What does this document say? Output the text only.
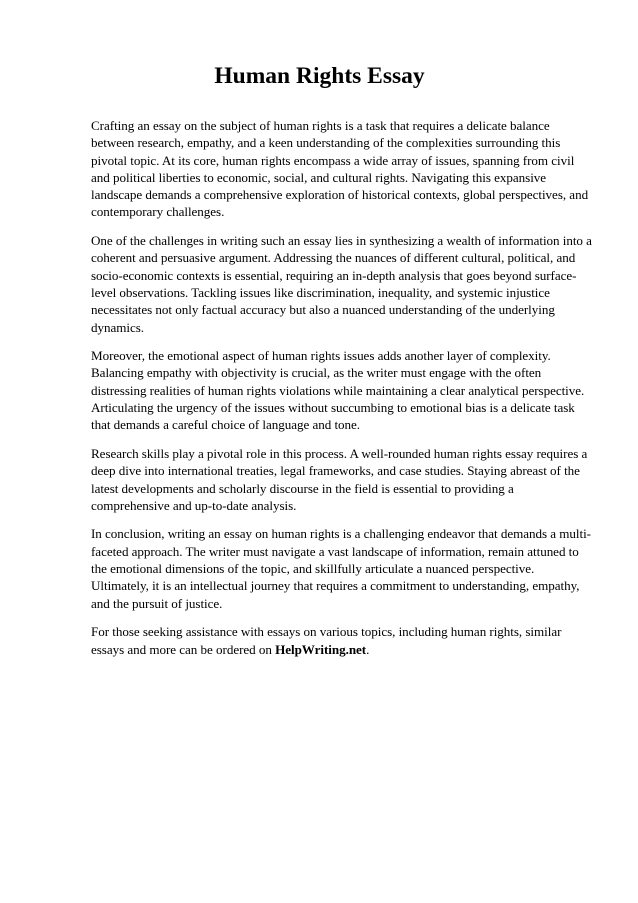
Human Rights Essay

Crafting an essay on the subject of human rights is a task that requires a delicate balance between research, empathy, and a keen understanding of the complexities surrounding this pivotal topic. At its core, human rights encompass a wide array of issues, spanning from civil and political liberties to economic, social, and cultural rights. Navigating this expansive landscape demands a comprehensive exploration of historical contexts, global perspectives, and contemporary challenges.

One of the challenges in writing such an essay lies in synthesizing a wealth of information into a coherent and persuasive argument. Addressing the nuances of different cultural, political, and socio-economic contexts is essential, requiring an in-depth analysis that goes beyond surface-level observations. Tackling issues like discrimination, inequality, and systemic injustice necessitates not only factual accuracy but also a nuanced understanding of the underlying dynamics.

Moreover, the emotional aspect of human rights issues adds another layer of complexity. Balancing empathy with objectivity is crucial, as the writer must engage with the often distressing realities of human rights violations while maintaining a clear analytical perspective. Articulating the urgency of the issues without succumbing to emotional bias is a delicate task that demands a careful choice of language and tone.

Research skills play a pivotal role in this process. A well-rounded human rights essay requires a deep dive into international treaties, legal frameworks, and case studies. Staying abreast of the latest developments and scholarly discourse in the field is essential to providing a comprehensive and up-to-date analysis.

In conclusion, writing an essay on human rights is a challenging endeavor that demands a multi-faceted approach. The writer must navigate a vast landscape of information, remain attuned to the emotional dimensions of the topic, and skillfully articulate a nuanced perspective. Ultimately, it is an intellectual journey that requires a commitment to understanding, empathy, and the pursuit of justice.

For those seeking assistance with essays on various topics, including human rights, similar essays and more can be ordered on HelpWriting.net.
